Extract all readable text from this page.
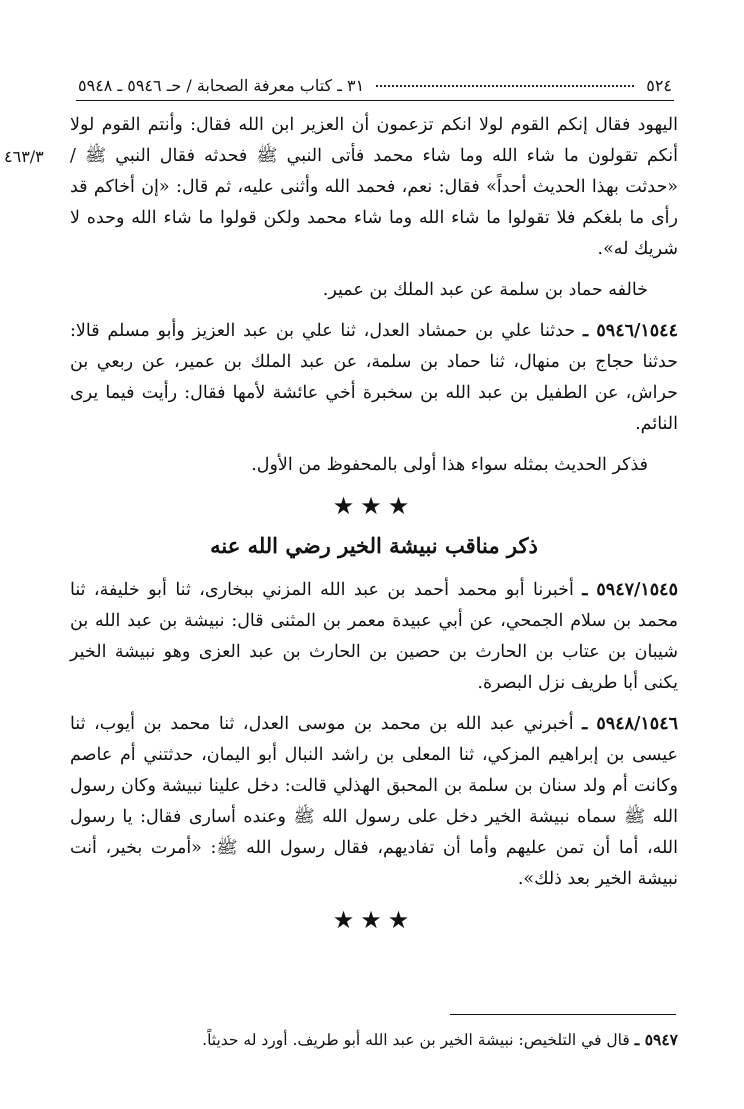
٥٢٤
٣١ ـ كتاب معرفة الصحابة / حـ ٥٩٤٦ ـ ٥٩٤٨
٤٦٣/٣

اليهود فقال إنكم القوم لولا انكم تزعمون أن العزير ابن الله فقال: وأنتم القوم لولا أنكم تقولون ما شاء الله وما شاء محمد فأتى النبي ﷺ فحدثه فقال النبي ﷺ / «حدثت بهذا الحديث أحداً» فقال: نعم، فحمد الله وأثنى عليه، ثم قال: «إن أخاكم قد رأى ما بلغكم فلا تقولوا ما شاء الله وما شاء محمد ولكن قولوا ما شاء الله وحده لا شريك له».

خالفه حماد بن سلمة عن عبد الملك بن عمير.

٥٩٤٦/١٥٤٤ ـ حدثنا علي بن حمشاد العدل، ثنا علي بن عبد العزيز وأبو مسلم قالا: حدثنا حجاج بن منهال، ثنا حماد بن سلمة، عن عبد الملك بن عمير، عن ربعي بن حراش، عن الطفيل بن عبد الله بن سخبرة أخي عائشة لأمها فقال: رأيت فيما يرى النائم.

فذكر الحديث بمثله سواء هذا أولى بالمحفوظ من الأول.

★★★
ذكر مناقب نبيشة الخير رضي الله عنه

٥٩٤٧/١٥٤٥ ـ أخبرنا أبو محمد أحمد بن عبد الله المزني ببخارى، ثنا أبو خليفة، ثنا محمد بن سلام الجمحي، عن أبي عبيدة معمر بن المثنى قال: نبيشة بن عبد الله بن شيبان بن عتاب بن الحارث بن حصين بن الحارث بن عبد العزى وهو نبيشة الخير يكنى أبا طريف نزل البصرة.

٥٩٤٨/١٥٤٦ ـ أخبرني عبد الله بن محمد بن موسى العدل، ثنا محمد بن أيوب، ثنا عيسى بن إبراهيم المزكي، ثنا المعلى بن راشد النبال أبو اليمان، حدثتني أم عاصم وكانت أم ولد سنان بن سلمة بن المحبق الهذلي قالت: دخل علينا نبيشة وكان رسول الله ﷺ سماه نبيشة الخير دخل على رسول الله ﷺ وعنده أسارى فقال: يا رسول الله، أما أن تمن عليهم وأما أن تفاديهم، فقال رسول الله ﷺ: «أمرت بخير، أنت نبيشة الخير بعد ذلك».

★★★
٥٩٤٧ ـ قال في التلخيص: نبيشة الخير بن عبد الله أبو طريف. أورد له حديثاً.
